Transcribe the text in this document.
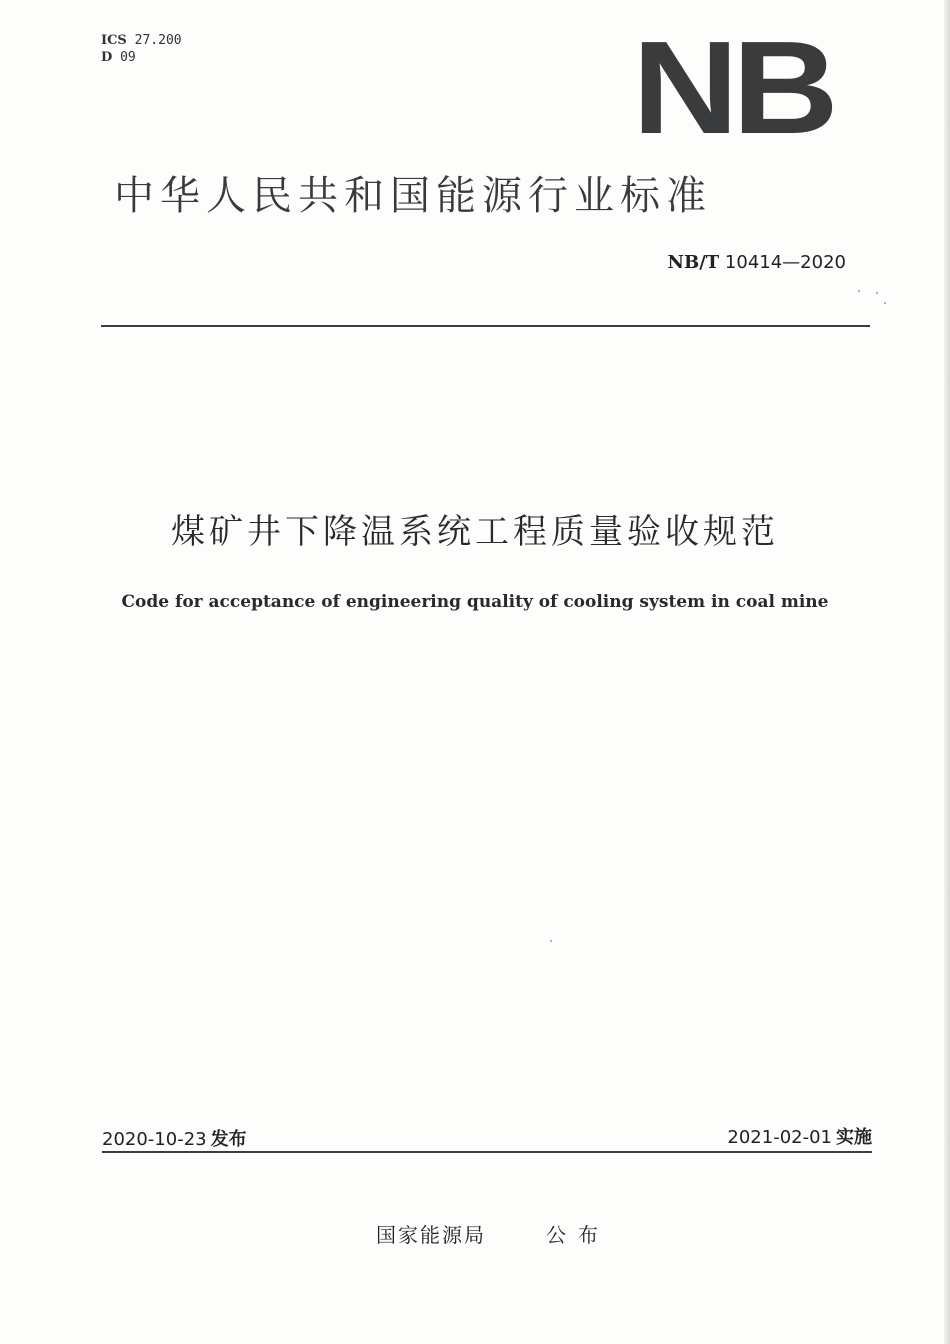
ICS 27.200
D 09	NB
中华人民共和国能源行业标准
NB/T 10414—2020
煤矿井下降温系统工程质量验收规范
Code for acceptance of engineering quality of cooling system in coal mine
2020-10-23 发布	2021-02-01 实施
国家能源局	公布
